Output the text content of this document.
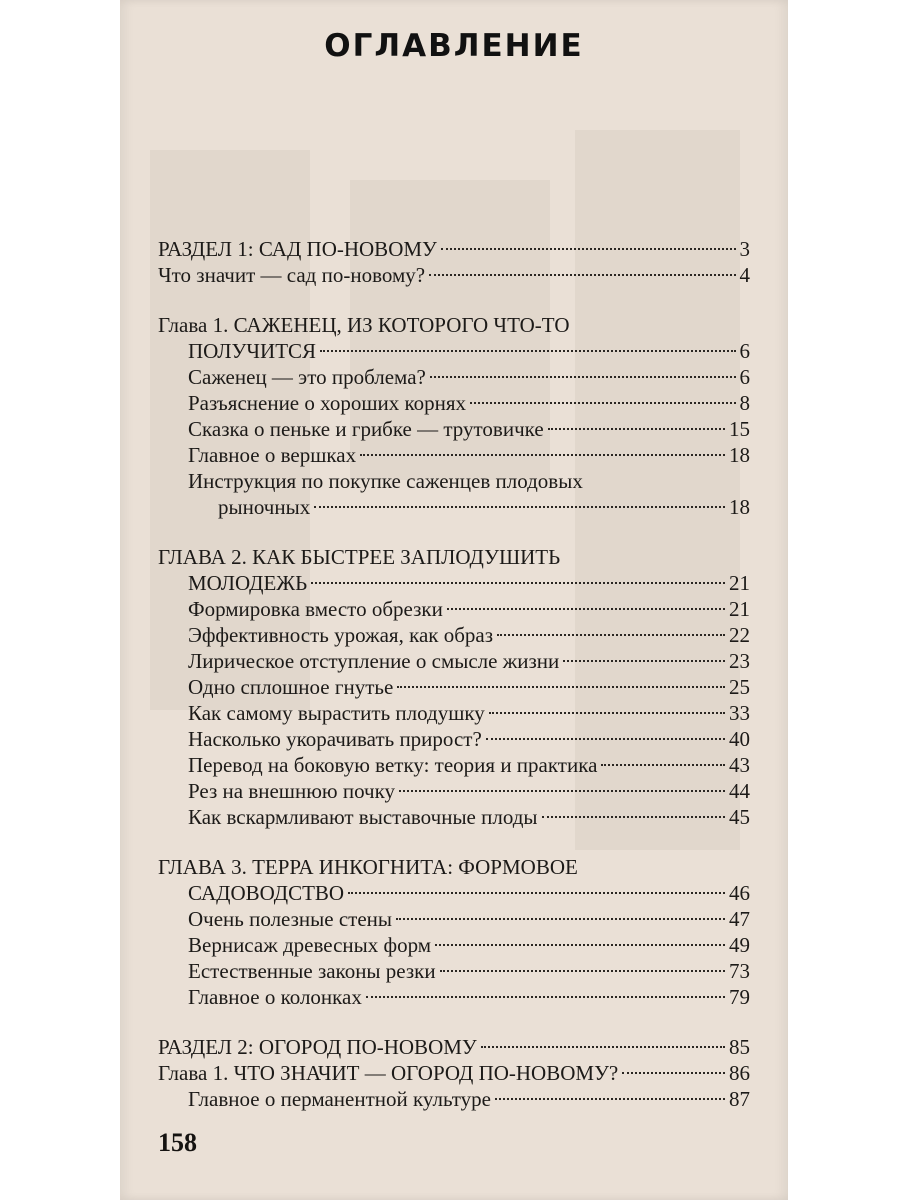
ОГЛАВЛЕНИЕ
РАЗДЕЛ 1: САД ПО-НОВОМУ	3
Что значит — сад по-новому?	4
Глава 1. САЖЕНЕЦ, ИЗ КОТОРОГО ЧТО-ТО
ПОЛУЧИТСЯ	6
Саженец — это проблема?	6
Разъяснение о хороших корнях	8
Сказка о пеньке и грибке — трутовичке	15
Главное о вершках	18
Инструкция по покупке саженцев плодовых
рыночных	18
ГЛАВА 2. КАК БЫСТРЕЕ ЗАПЛОДУШИТЬ
МОЛОДЕЖЬ	21
Формировка вместо обрезки	21
Эффективность урожая, как образ	22
Лирическое отступление о смысле жизни	23
Одно сплошное гнутье	25
Как самому вырастить плодушку	33
Насколько укорачивать прирост?	40
Перевод на боковую ветку: теория и практика	43
Рез на внешнюю почку	44
Как вскармливают выставочные плоды	45
ГЛАВА 3. ТЕРРА ИНКОГНИТА: ФОРМОВОЕ
САДОВОДСТВО	46
Очень полезные стены	47
Вернисаж древесных форм	49
Естественные законы резки	73
Главное о колонках	79
РАЗДЕЛ 2: ОГОРОД ПО-НОВОМУ	85
Глава 1. ЧТО ЗНАЧИТ — ОГОРОД ПО-НОВОМУ?	86
Главное о перманентной культуре	87
158
